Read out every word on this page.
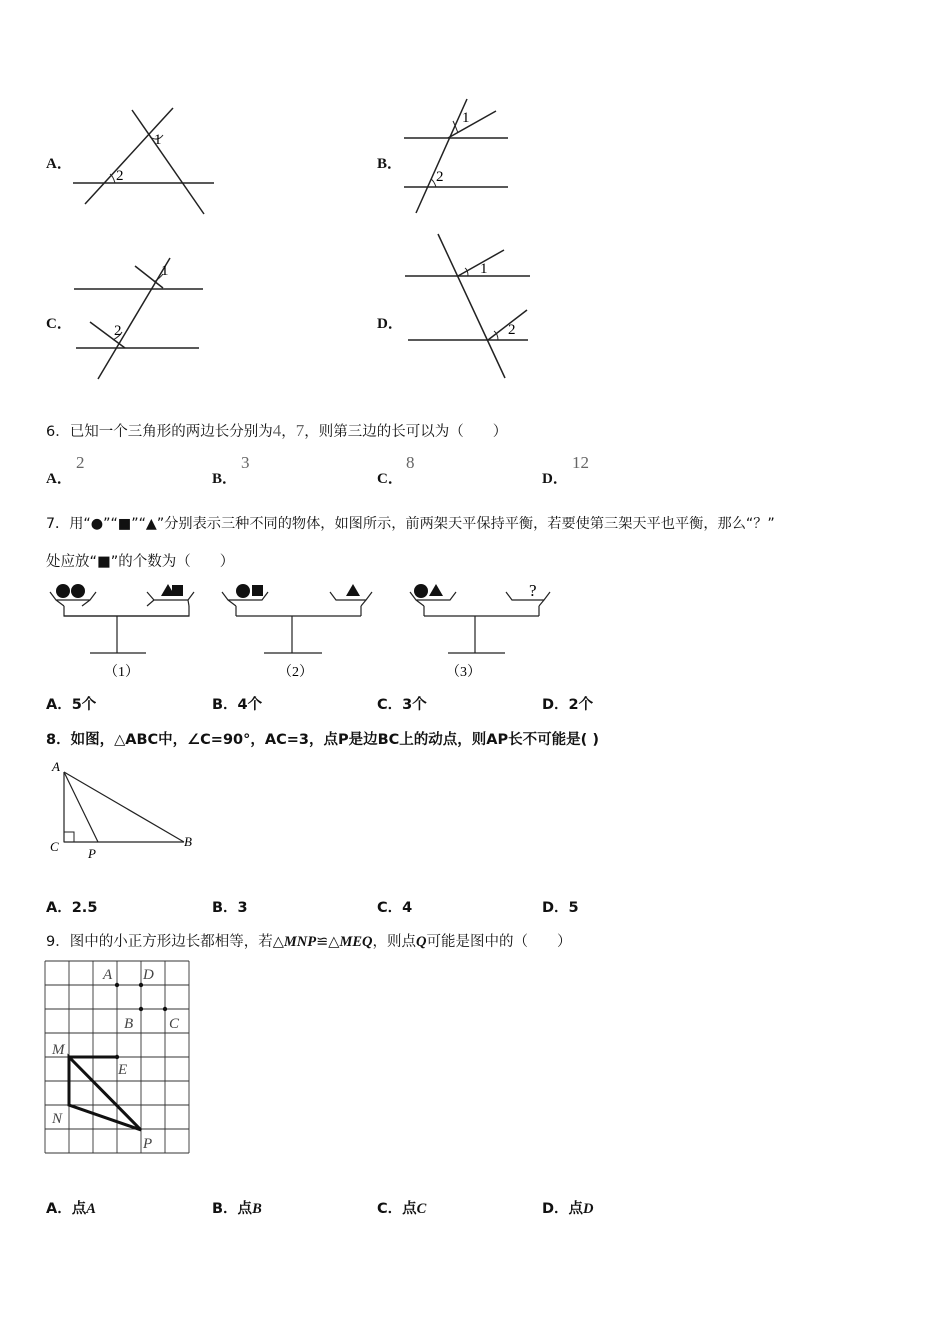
A．
1
2
B．
1
2
C．
1
2	D．
1
2
6．已知一个三角形的两边长分别为4，7，则第三边的长可以为（　　）
A．
2
B．
3
C．
8
D．
12
7．用“●”“■”“▲”分别表示三种不同的物体，如图所示，前两架天平保持平衡，若要使第三架天平也平衡，那么“？”
处应放“■”的个数为（　　）
（1）	（2）
?
（3）
A．5个	B．4个	C．3个	D．2个
8．如图，△ABC中，∠C=90°，AC=3，点P是边BC上的动点，则AP长不可能是( )
A
C P
B
A．2.5	B．3	C．4	D．5
9．图中的小正方形边长都相等，若△MNP≌△MEQ，则点Q可能是图中的（　　）
A D
B C
M
E
N
P
A．点A	B．点B	C．点C	D．点D
